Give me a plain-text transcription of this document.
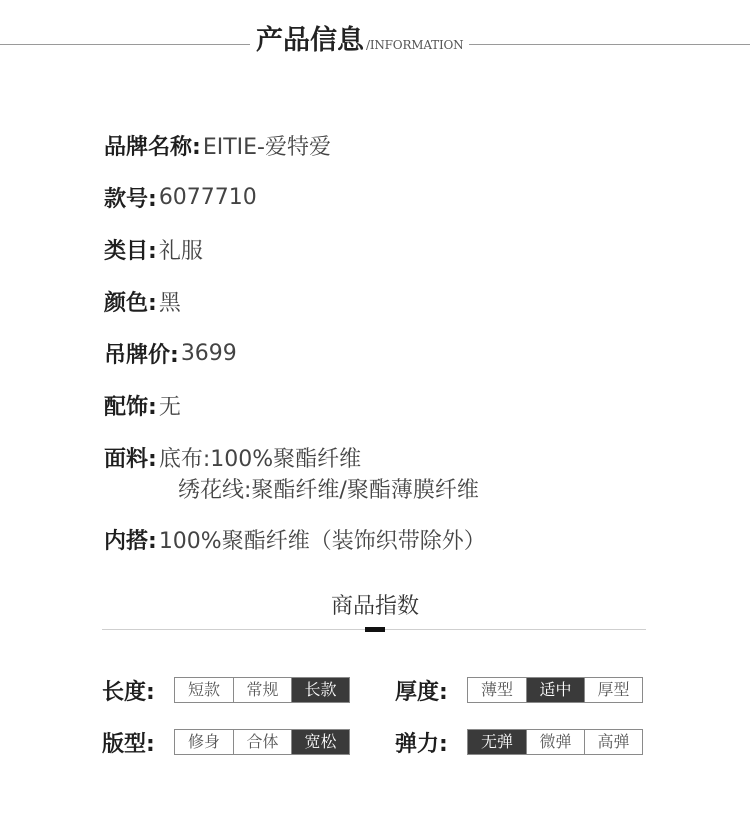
产品信息 /INFORMATION
品牌名称: EITIE-爱特爱
款号: 6077710
类目: 礼服
颜色: 黑
吊牌价: 3699
配饰: 无
面料: 底布:100%聚酯纤维
绣花线:聚酯纤维/聚酯薄膜纤维
内搭: 100%聚酯纤维（装饰织带除外）
商品指数
长度:	短款	常规	长款	厚度:	薄型	适中	厚型
版型:	修身	合体	宽松	弹力:	无弹	微弹	高弹
